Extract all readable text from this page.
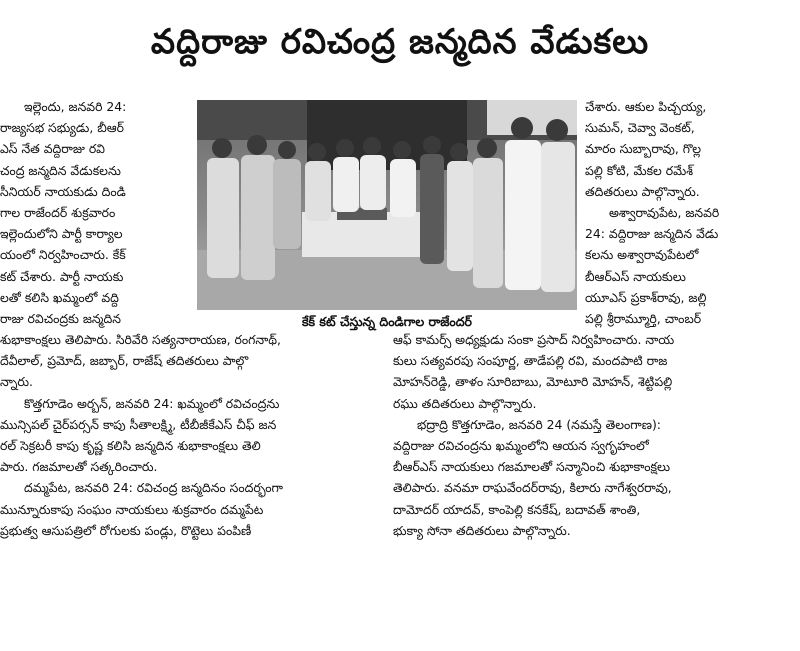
వద్దిరాజు రవిచంద్ర జన్మదిన వేడుకలు

ఇల్లెందు, జనవరి 24:

రాజ్యసభ సభ్యుడు, బీఆర్

ఎస్ నేత వద్దిరాజు రవి

చంద్ర జన్మదిన వేడుకలను

సీనియర్ నాయకుడు దిండి

గాల రాజేందర్ శుక్రవారం

ఇల్లెందులోని పార్టీ కార్యాల

యంలో నిర్వహించారు. కేక్

కట్ చేశారు. పార్టీ నాయకు

లతో కలిసి ఖమ్మంలో వద్ది

రాజు రవిచంద్రకు జన్మదిన	కేక్ కట్ చేస్తున్న దిండిగాల రాజేందర్

చేశారు. ఆకుల పిచ్చయ్య,

సుమన్, చెవ్వా వెంకట్,

మారం సుబ్బారావు, గొల్ల

పల్లి కోటి, మేకల రమేశ్

తదితరులు పాల్గొన్నారు.

అశ్వారావుపేట, జనవరి

24: వద్దిరాజు జన్మదిన వేడు

కలను అశ్వారావుపేటలో

బీఆర్ఎస్ నాయకులు

యూఎస్ ప్రకాశ్‌రావు, జల్లి

పల్లి శ్రీరామ్మూర్తి, చాంబర్

శుభాకాంక్షలు తెలిపారు. సిరివేరి సత్యనారాయణ, రంగనాథ్,

దేవీలాల్, ప్రమోద్, జబ్బార్, రాజేష్ తదితరులు పాల్గొ

న్నారు.

కొత్తగూడెం అర్బన్, జనవరి 24: ఖమ్మంలో రవిచంద్రను

మున్సిపల్ చైర్‌పర్సన్ కాపు సీతాలక్ష్మి, టీబీజీకేఎస్ చీఫ్ జన

రల్ సెక్రటరీ కాపు కృష్ణ కలిసి జన్మదిన శుభాకాంక్షలు తెలి

పారు. గజమాలతో సత్కరించారు.

దమ్మపేట, జనవరి 24: రవిచంద్ర జన్మదినం సందర్భంగా

మున్నూరుకాపు సంఘం నాయకులు శుక్రవారం దమ్మపేట

ప్రభుత్వ ఆసుపత్రిలో రోగులకు పండ్లు, రొట్టెలు పంపిణీ

ఆఫ్ కామర్స్ అధ్యక్షుడు సంకా ప్రసాద్ నిర్వహించారు. నాయ

కులు సత్యవరపు సంపూర్ణ, తాడేపల్లి రవి, మందపాటి రాజ

మోహన్‌రెడ్డి, తాళం సూరిబాబు, మోటూరి మోహన్, శెట్టిపల్లి

రఘు తదితరులు పాల్గొన్నారు.

భద్రాద్రి కొత్తగూడెం, జనవరి 24 (నమస్తే తెలంగాణ):

వద్దిరాజు రవిచంద్రను ఖమ్మంలోని ఆయన స్వగృహంలో

బీఆర్ఎస్ నాయకులు గజమాలతో సన్మానించి శుభాకాంక్షలు

తెలిపారు. వనమా రాఘవేందర్‌రావు, కిలారు నాగేశ్వరరావు,

దామోదర్ యాదవ్, కాంపెల్లి కనకేష్, బదావత్ శాంతి,

భుక్యా సోనా తదితరులు పాల్గొన్నారు.
